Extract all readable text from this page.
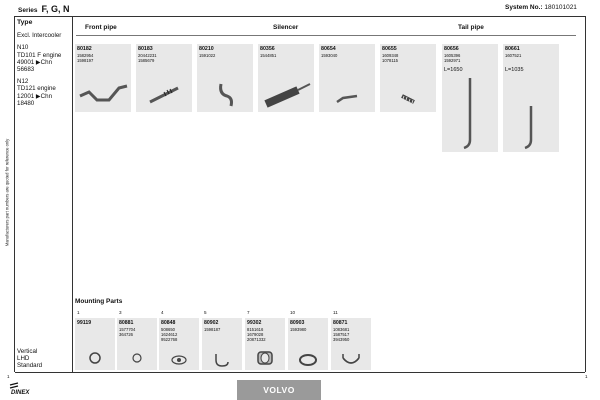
Manufacturers part numbers are quoted for reference only
Series F, G, N	System No.: 180101021
Type

Excl. Intercooler

N10
TD101 F engine
49001 ▶Chn
56683

N12
TD121 engine
12001 ▶Chn
18480

Front pipe	Silencer	Tail pipe
80182
1582954
1598197
80183
20442231
1585679
80210
1591022
80356
1544851
80654
1593040
80655
1609348
1078115
80656
1605396
1592971
L=1650
80661
1607521
L=1035
Mounting Parts
1
99119
3
80881
1577704
364726
4
80848
508650
1624612
9522768
5
80902
1598187
7
99302
8151616
1679028
20871332
10
80903
1593980
11
80871
1083681
1587517
3943950

Vertical

LHD

Standard

1	1
DINEX	VOLVO
